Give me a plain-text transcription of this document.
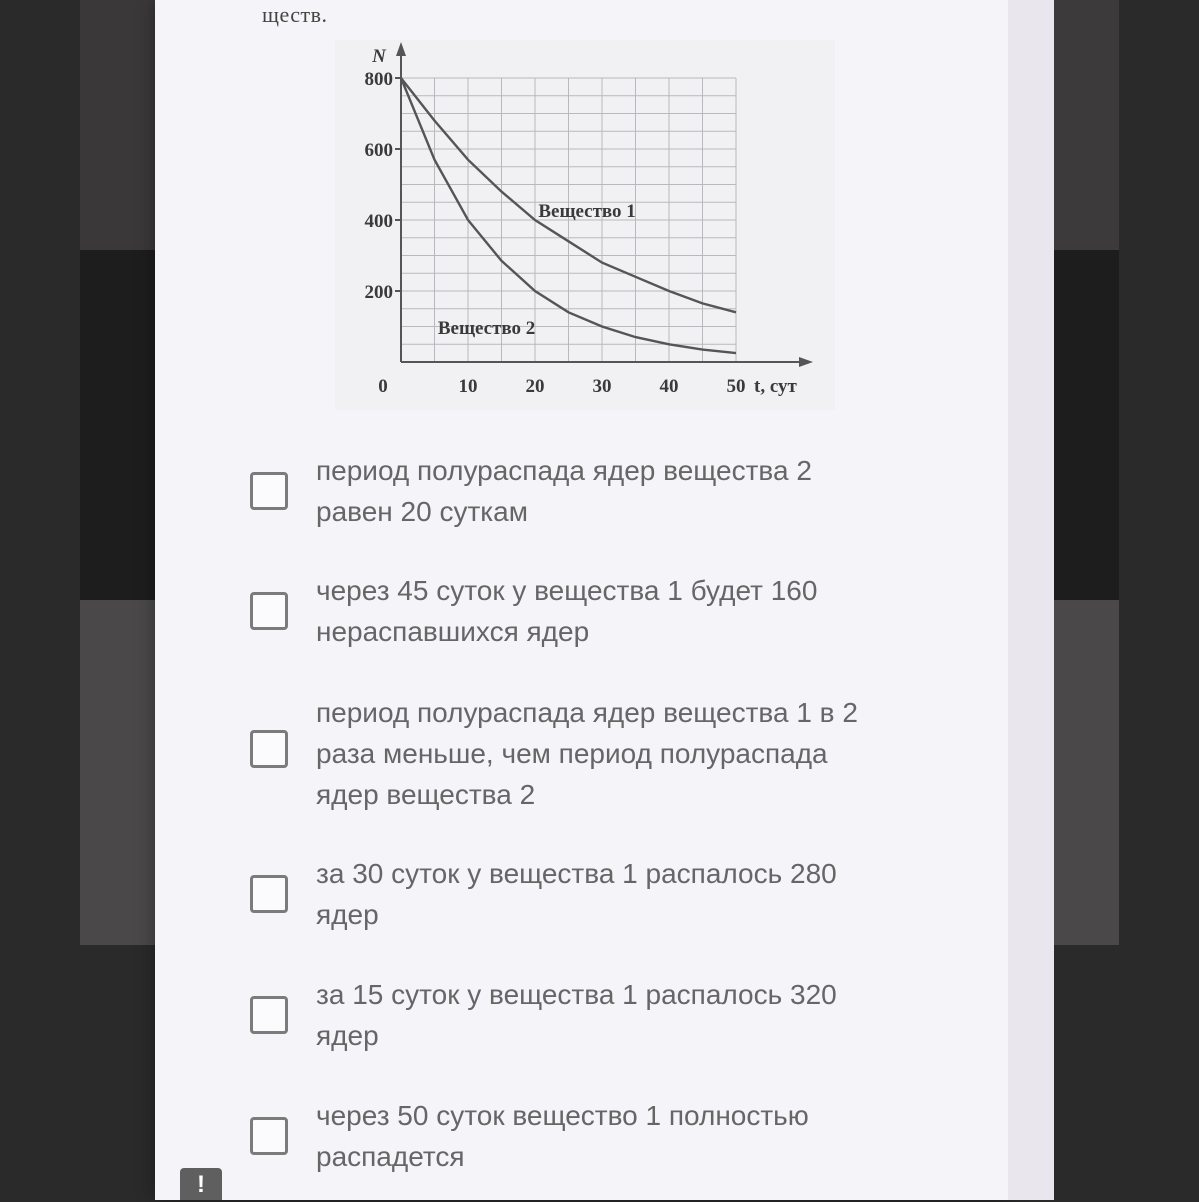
ществ.
200
400
600
800
10	20	30	40	50
0
N
t, сут
Вещество 1
Вещество 2
период полураспада ядер вещества 2
равен 20 суткам
через 45 суток у вещества 1 будет 160
нераспавшихся ядер
период полураспада ядер вещества 1 в 2
раза меньше, чем период полураспада
ядер вещества 2
за 30 суток у вещества 1 распалось 280
ядер
за 15 суток у вещества 1 распалось 320
ядер
через 50 суток вещество 1 полностью
распадется
!
